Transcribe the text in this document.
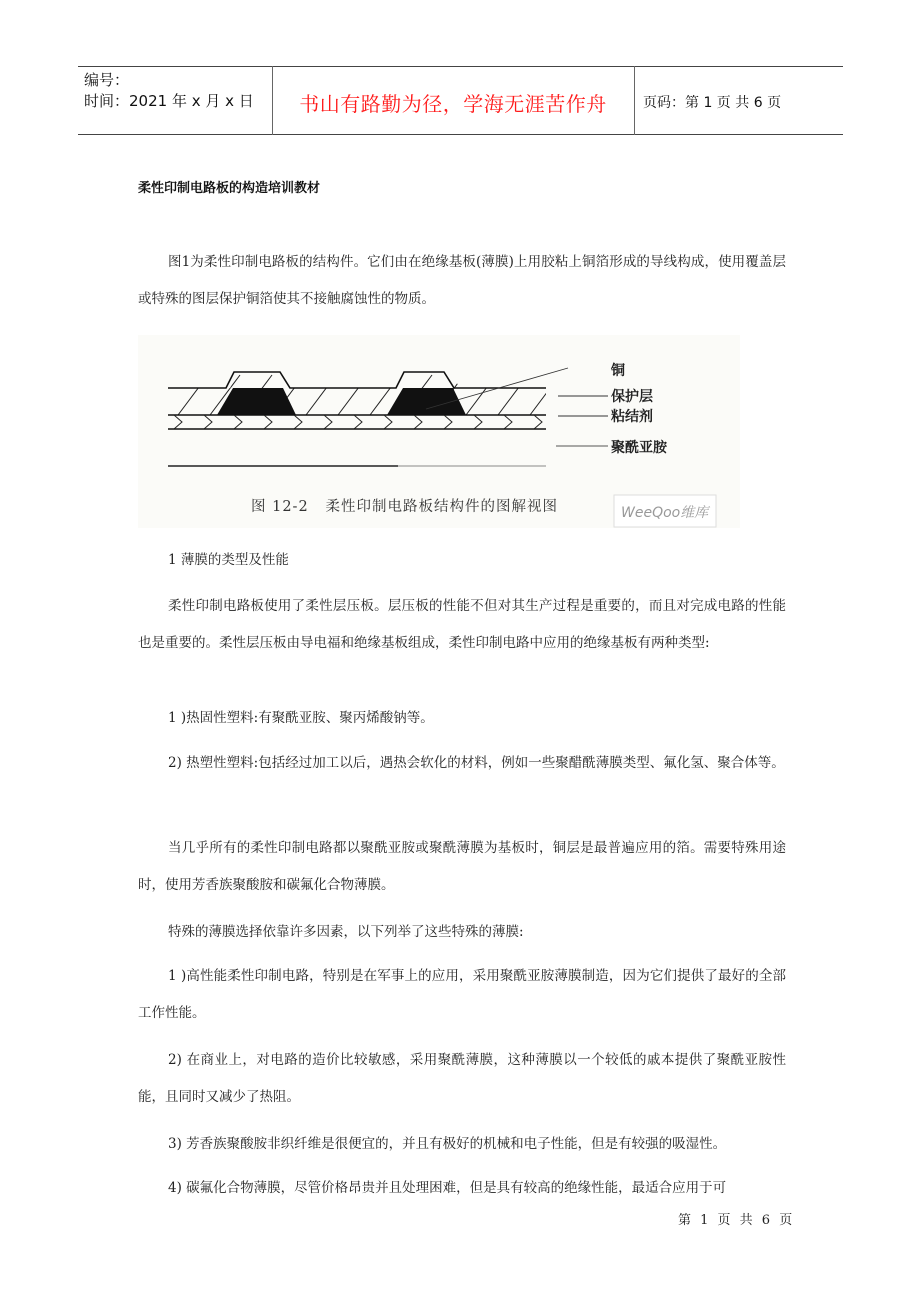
编号：
时间：2021 年 x 月 x 日	书山有路勤为径，学海无涯苦作舟	页码：第 1 页 共 6 页
柔性印制电路板的构造培训教材
图1为柔性印制电路板的结构件。它们由在绝缘基板(薄膜)上用胶粘上铜箔形成的导线构成，使用覆盖层或特殊的图层保护铜箔使其不接触腐蚀性的物质。
铜
保护层
粘结剂
聚酰亚胺
图 12-2   柔性印制电路板结构件的图解视图	WeeQoo维库
1 薄膜的类型及性能
柔性印制电路板使用了柔性层压板。层压板的性能不但对其生产过程是重要的，而且对完成电路的性能也是重要的。柔性层压板由导电福和绝缘基板组成，柔性印制电路中应用的绝缘基板有两种类型:
1 )热固性塑料:有聚酰亚胺、聚丙烯酸钠等。
2) 热塑性塑料:包括经过加工以后，遇热会软化的材料，例如一些聚醋酰薄膜类型、氟化氢、聚合体等。
当几乎所有的柔性印制电路都以聚酰亚胺或聚酰薄膜为基板时，铜层是最普遍应用的箔。需要特殊用途时，使用芳香族聚酸胺和碳氟化合物薄膜。
特殊的薄膜选择依靠许多因素，以下列举了这些特殊的薄膜:
1 )高性能柔性印制电路，特别是在军事上的应用，采用聚酰亚胺薄膜制造，因为它们提供了最好的全部工作性能。
2) 在商业上，对电路的造价比较敏感，采用聚酰薄膜，这种薄膜以一个较低的戚本提供了聚酰亚胺性能，且同时又减少了热阻。
3) 芳香族聚酸胺非织纤维是很便宜的，并且有极好的机械和电子性能，但是有较强的吸湿性。
4) 碳氟化合物薄膜，尽管价格昂贵并且处理困难，但是具有较高的绝缘性能，最适合应用于可
第 1 页 共 6 页
